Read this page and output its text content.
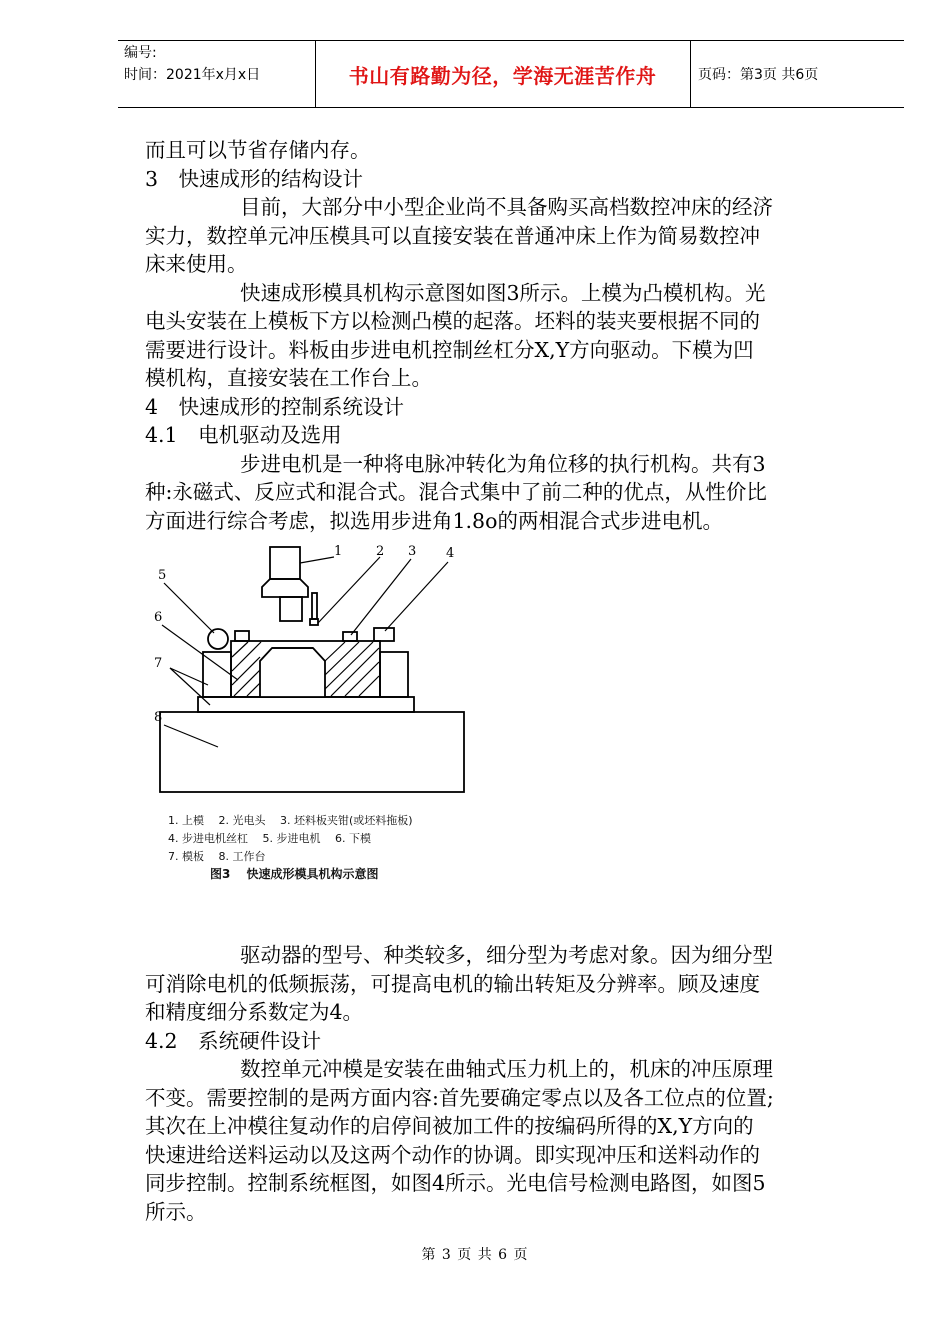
编号:
时间：2021年x月x日	书山有路勤为径，学海无涯苦作舟	页码：第3页 共6页
而且可以节省存储内存。
3　快速成形的结构设计
目前，大部分中小型企业尚不具备购买高档数控冲床的经济
实力，数控单元冲压模具可以直接安装在普通冲床上作为简易数控冲
床来使用。
快速成形模具机构示意图如图3所示。上模为凸模机构。光
电头安装在上模板下方以检测凸模的起落。坯料的装夹要根据不同的
需要进行设计。料板由步进电机控制丝杠分X,Y方向驱动。下模为凹
模机构，直接安装在工作台上。
4　快速成形的控制系统设计
4.1　电机驱动及选用
步进电机是一种将电脉冲转化为角位移的执行机构。共有3
种:永磁式、反应式和混合式。混合式集中了前二种的优点，从性价比
方面进行综合考虑，拟选用步进角1.8o的两相混合式步进电机。
1	2 3 4
5
6
7
8
1. 上模　 2. 光电头　 3. 坯料板夹钳(或坯料拖板)
4. 步进电机丝杠　 5. 步进电机　 6. 下模
7. 模板　 8. 工作台
图3　 快速成形模具机构示意图
驱动器的型号、种类较多，细分型为考虑对象。因为细分型
可消除电机的低频振荡，可提高电机的输出转矩及分辨率。顾及速度
和精度细分系数定为4。
4.2　系统硬件设计
数控单元冲模是安装在曲轴式压力机上的，机床的冲压原理
不变。需要控制的是两方面内容:首先要确定零点以及各工位点的位置;
其次在上冲模往复动作的启停间被加工件的按编码所得的X,Y方向的
快速进给送料运动以及这两个动作的协调。即实现冲压和送料动作的
同步控制。控制系统框图，如图4所示。光电信号检测电路图，如图5
所示。
第 3 页 共 6 页
